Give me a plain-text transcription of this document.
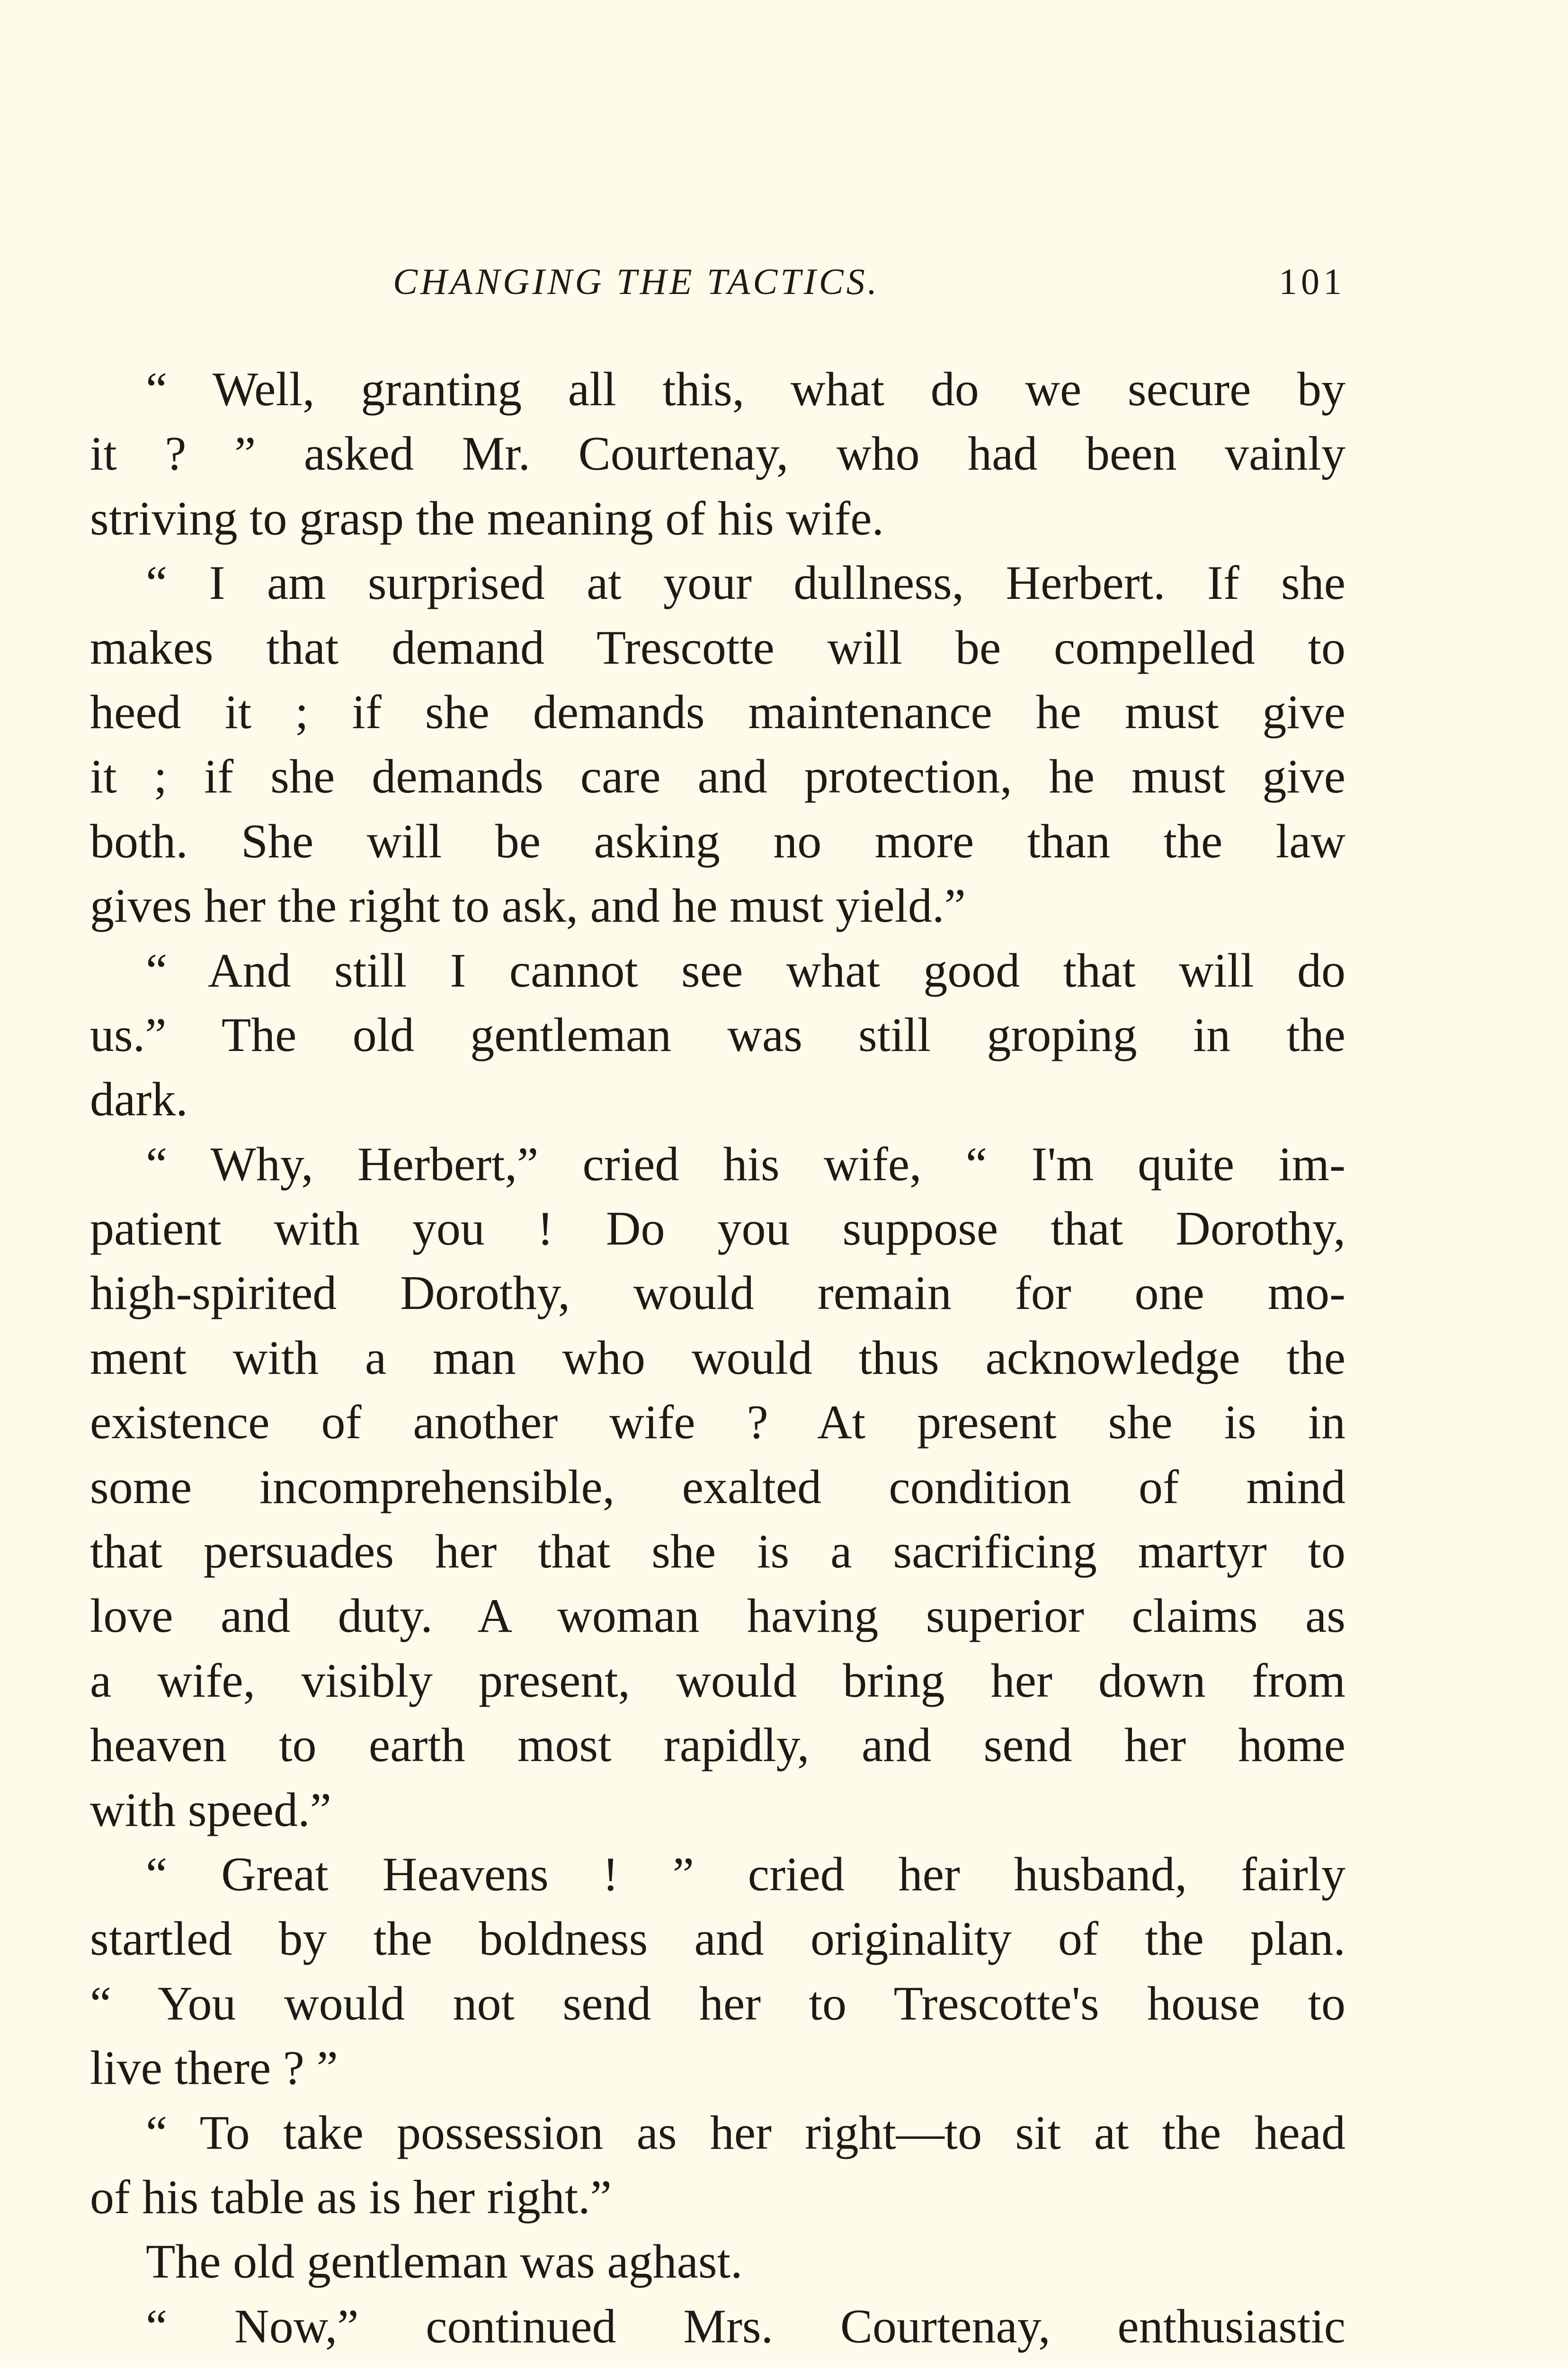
CHANGING THE TACTICS.	101
“ Well, granting all this, what do we secure by
it ? ” asked Mr. Courtenay, who had been vainly
striving to grasp the meaning of his wife.
“ I am surprised at your dullness, Herbert. If she
makes that demand Trescotte will be compelled to
heed it ; if she demands maintenance he must give
it ; if she demands care and protection, he must give
both. She will be asking no more than the law
gives her the right to ask, and he must yield.”
“ And still I cannot see what good that will do
us.” The old gentleman was still groping in the
dark.
“ Why, Herbert,” cried his wife, “ I'm quite im-
patient with you ! Do you suppose that Dorothy,
high-spirited Dorothy, would remain for one mo-
ment with a man who would thus acknowledge the
existence of another wife ? At present she is in
some incomprehensible, exalted condition of mind
that persuades her that she is a sacrificing martyr to
love and duty. A woman having superior claims as
a wife, visibly present, would bring her down from
heaven to earth most rapidly, and send her home
with speed.”
“ Great Heavens ! ” cried her husband, fairly
startled by the boldness and originality of the plan.
“ You would not send her to Trescotte's house to
live there ? ”
“ To take possession as her right—to sit at the head
of his table as is her right.”
The old gentleman was aghast.
“ Now,” continued Mrs. Courtenay, enthusiastic
